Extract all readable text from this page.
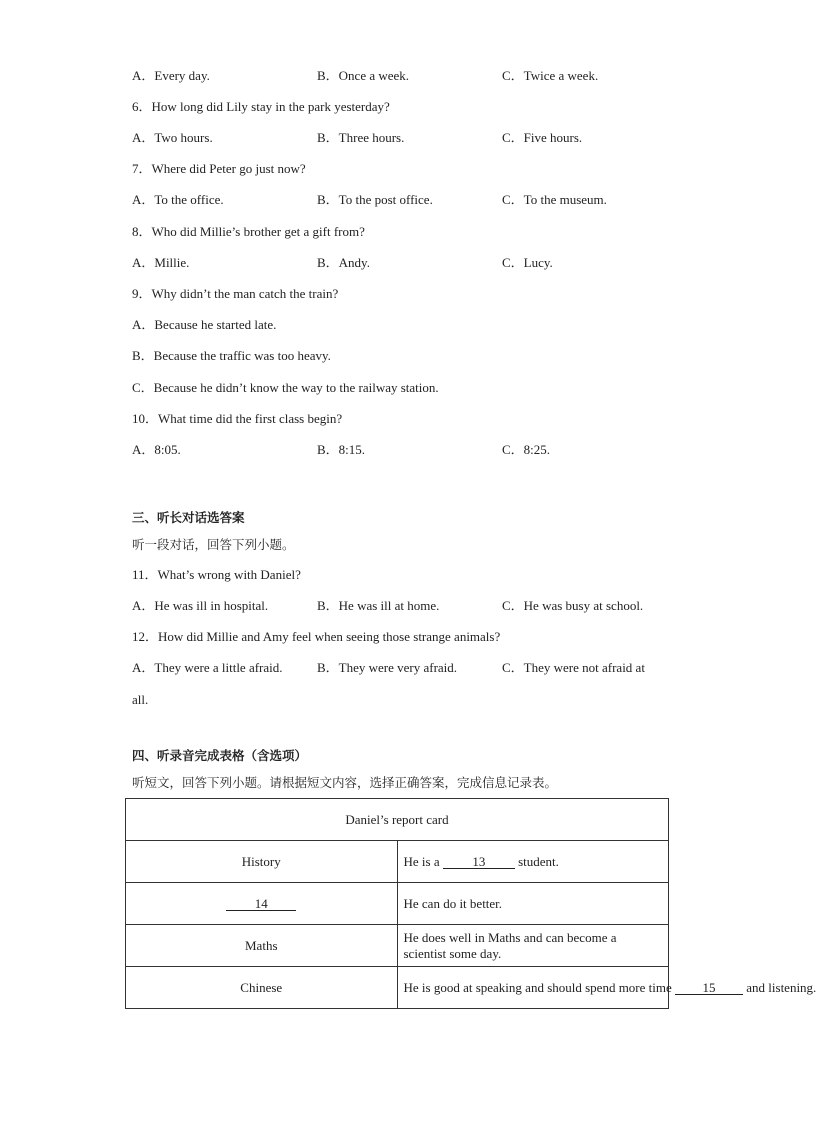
A．Every day.	B．Once a week.	C．Twice a week.
6．How long did Lily stay in the park yesterday?
A．Two hours.	B．Three hours.	C．Five hours.
7．Where did Peter go just now?
A．To the office.	B．To the post office.	C．To the museum.
8．Who did Millie’s brother get a gift from?
A．Millie.	B．Andy.	C．Lucy.
9．Why didn’t the man catch the train?
A．Because he started late.
B．Because the traffic was too heavy.
C．Because he didn’t know the way to the railway station.
10．What time did the first class begin?
A．8:05.	B．8:15.	C．8:25.
三、听长对话选答案
听一段对话，回答下列小题。
11．What’s wrong with Daniel?
A．He was ill in hospital.	B．He was ill at home.	C．He was busy at school.
12．How did Millie and Amy feel when seeing those strange animals?
A．They were a little afraid.	B．They were very afraid.	C．They were not afraid at
all.
四、听录音完成表格（含选项）
听短文，回答下列小题。请根据短文内容，选择正确答案，完成信息记录表。
Daniel’s report card	
History	He is a 13 student.
14	He can do it better.
Maths	He does well in Maths and can become a scientist some day.
Chinese	He is good at speaking and should spend more time 15 and listening.
